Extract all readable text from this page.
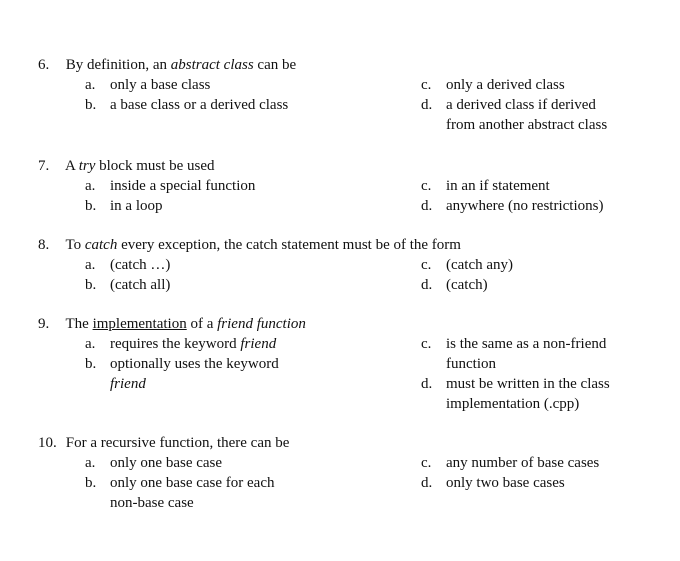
6. By definition, an abstract class can be
a. only a base class
b. a base class or a derived class
c. only a derived class
d. a derived class if derived
from another abstract class
7. A try block must be used
a. inside a special function
b. in a loop
c. in an if statement
d. anywhere (no restrictions)
8. To catch every exception, the catch statement must be of the form
a. (catch …)
b. (catch all)
c. (catch any)
d. (catch)
9. The implementation of a friend function
a. requires the keyword friend
b. optionally uses the keyword
friend
c. is the same as a non-friend
function
d. must be written in the class
implementation (.cpp)
10. For a recursive function, there can be
a. only one base case
b. only one base case for each
non-base case
c. any number of base cases
d. only two base cases
